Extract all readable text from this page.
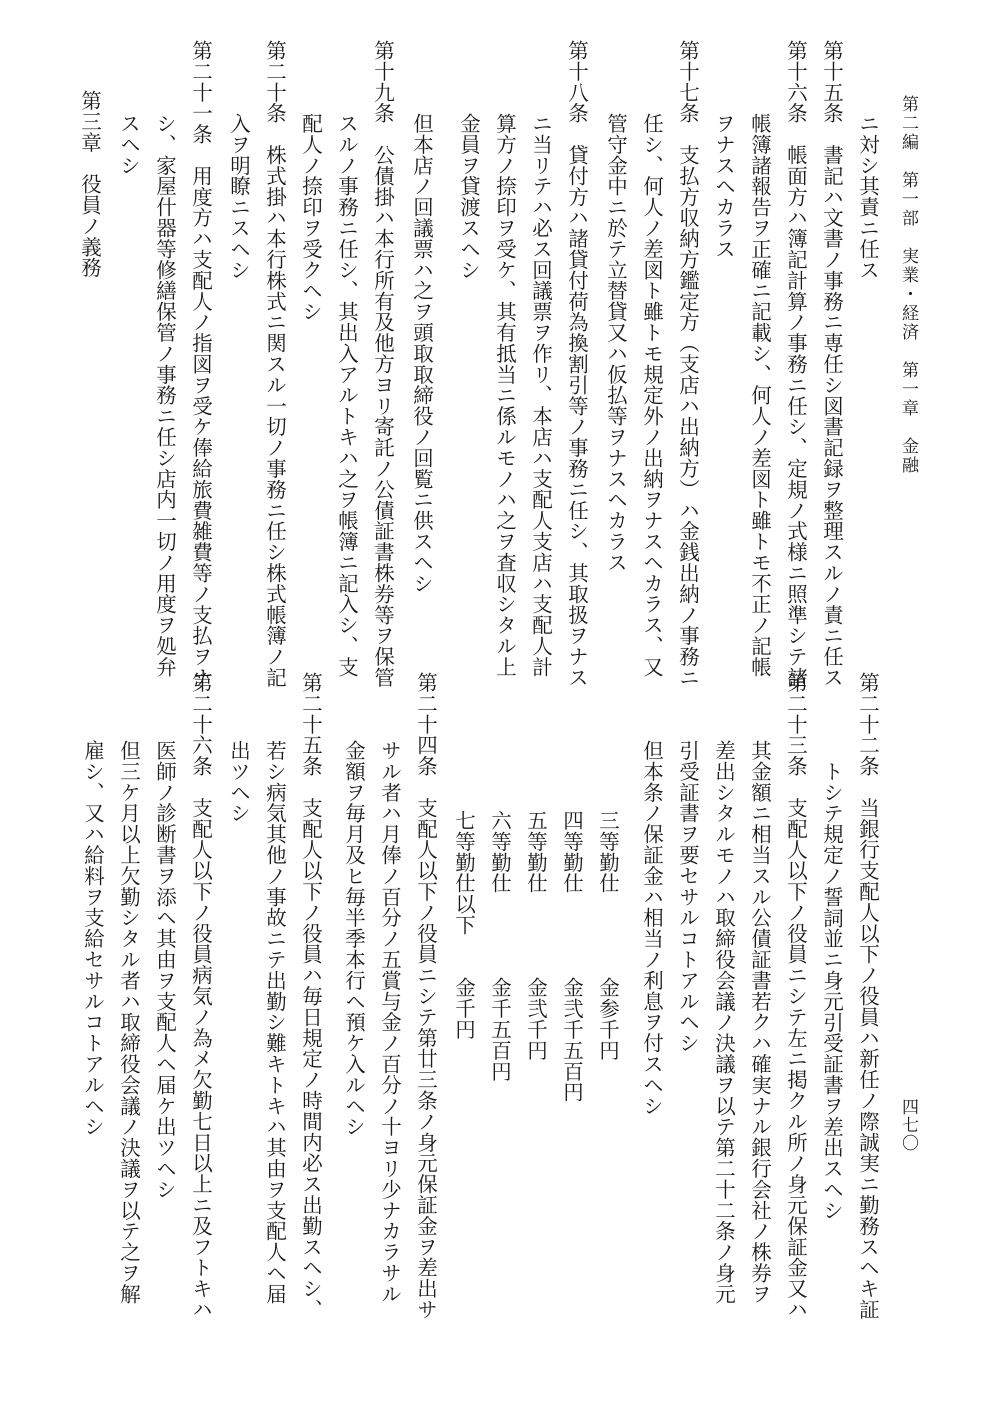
第二編　第一部　実業・経済　第一章　金融
四七〇
ニ対シ其責ニ任ス
第十五条　書記ハ文書ノ事務ニ専任シ図書記録ヲ整理スルノ責ニ任ス
第十六条　帳面方ハ簿記計算ノ事務ニ任シ、定規ノ式様ニ照準シテ諸
帳簿諸報告ヲ正確ニ記載シ、何人ノ差図ト雖トモ不正ノ記帳
ヲナスヘカラス
第十七条　支払方収納方鑑定方（支店ハ出納方）ハ金銭出納ノ事務ニ
任シ、何人ノ差図ト雖トモ規定外ノ出納ヲナスヘカラス、又
管守金中ニ於テ立替貸又ハ仮払等ヲナスヘカラス
第十八条　貸付方ハ諸貸付荷為換割引等ノ事務ニ任シ、其取扱ヲナス
ニ当リテハ必ス回議票ヲ作リ、本店ハ支配人支店ハ支配人計
算方ノ捺印ヲ受ケ、其有抵当ニ係ルモノハ之ヲ査収シタル上
金員ヲ貸渡スヘシ
但本店ノ回議票ハ之ヲ頭取取締役ノ回覧ニ供スヘシ
第十九条　公債掛ハ本行所有及他方ヨリ寄託ノ公債証書株券等ヲ保管
スルノ事務ニ任シ、其出入アルトキハ之ヲ帳簿ニ記入シ、支
配人ノ捺印ヲ受クヘシ
第二十条　株式掛ハ本行株式ニ関スル一切ノ事務ニ任シ株式帳簿ノ記
入ヲ明瞭ニスヘシ
第二十一条　用度方ハ支配人ノ指図ヲ受ケ俸給旅費雑費等ノ支払ヲナ
シ、家屋什器等修繕保管ノ事務ニ任シ店内一切ノ用度ヲ処弁
スヘシ
第三章　役員ノ義務
第二十二条　当銀行支配人以下ノ役員ハ新任ノ際誠実ニ勤務スヘキ証
トシテ規定ノ誓詞並ニ身元引受証書ヲ差出スヘシ
第二十三条　支配人以下ノ役員ニシテ左ニ掲クル所ノ身元保証金又ハ
其金額ニ相当スル公債証書若クハ確実ナル銀行会社ノ株券ヲ
差出シタルモノハ取締役会議ノ決議ヲ以テ第二十二条ノ身元
引受証書ヲ要セサルコトアルヘシ
但本条ノ保証金ハ相当ノ利息ヲ付スヘシ
三等勤仕　　　　金参千円
四等勤仕　　　　金弐千五百円
五等勤仕　　　　金弐千円
六等勤仕　　　　金千五百円
七等勤仕以下　　金千円
第二十四条　支配人以下ノ役員ニシテ第廿三条ノ身元保証金ヲ差出サ
サル者ハ月俸ノ百分ノ五賞与金ノ百分ノ十ヨリ少ナカラサル
金額ヲ毎月及ヒ毎半季本行ヘ預ケ入ルヘシ
第二十五条　支配人以下ノ役員ハ毎日規定ノ時間内必ス出勤スヘシ、
若シ病気其他ノ事故ニテ出勤シ難キトキハ其由ヲ支配人ヘ届
出ツヘシ
第二十六条　支配人以下ノ役員病気ノ為メ欠勤七日以上ニ及フトキハ
医師ノ診断書ヲ添ヘ其由ヲ支配人ヘ届ケ出ツヘシ
但三ケ月以上欠勤シタル者ハ取締役会議ノ決議ヲ以テ之ヲ解
雇シ、又ハ給料ヲ支給セサルコトアルヘシ
